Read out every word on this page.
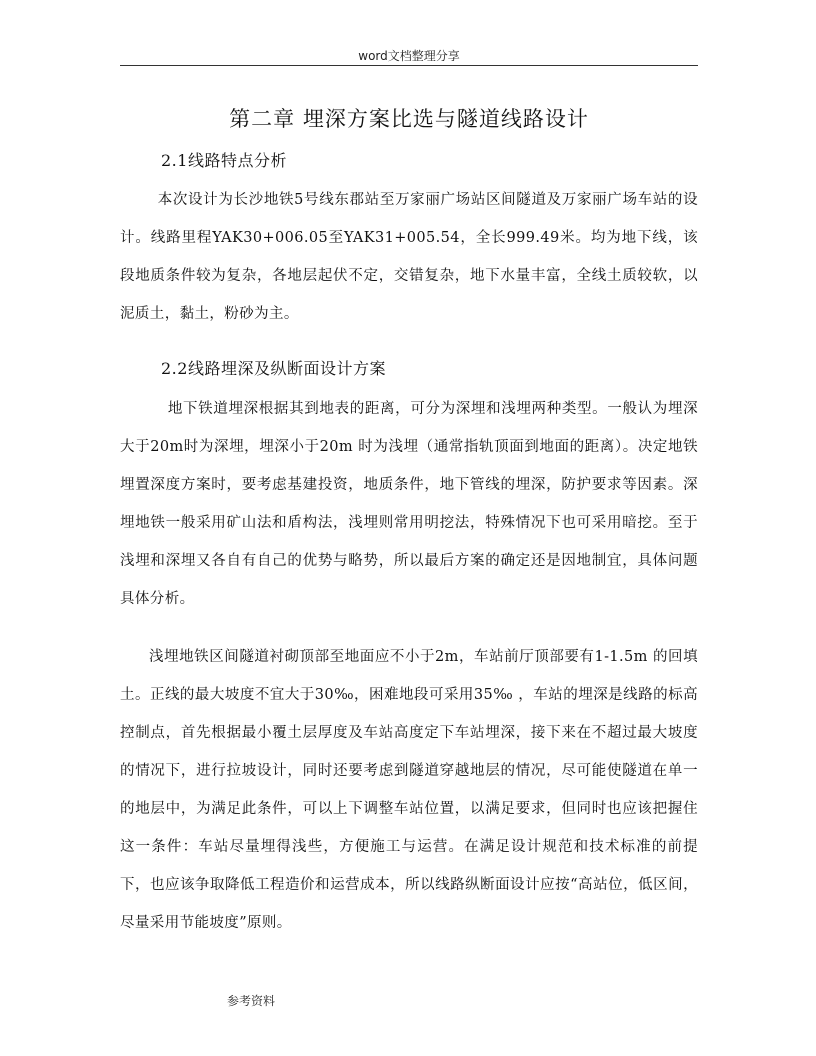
word文档整理分享
第二章 埋深方案比选与隧道线路设计
2.1线路特点分析

本次设计为长沙地铁5号线东郡站至万家丽广场站区间隧道及万家丽广场车站的设计。线路里程YAK30+006.05至YAK31+005.54，全长999.49米。均为地下线，该段地质条件较为复杂，各地层起伏不定，交错复杂，地下水量丰富，全线土质较软，以泥质土，黏土，粉砂为主。

2.2线路埋深及纵断面设计方案

地下铁道埋深根据其到地表的距离，可分为深埋和浅埋两种类型。一般认为埋深大于20m时为深埋，埋深小于20m 时为浅埋（通常指轨顶面到地面的距离）。决定地铁埋置深度方案时，要考虑基建投资，地质条件，地下管线的埋深，防护要求等因素。深埋地铁一般采用矿山法和盾构法，浅埋则常用明挖法，特殊情况下也可采用暗挖。至于浅埋和深埋又各自有自己的优势与略势，所以最后方案的确定还是因地制宜，具体问题具体分析。

浅埋地铁区间隧道衬砌顶部至地面应不小于2m，车站前厅顶部要有1-1.5m 的回填土。正线的最大坡度不宜大于30‰，困难地段可采用35‰ ，车站的埋深是线路的标高控制点，首先根据最小覆土层厚度及车站高度定下车站埋深，接下来在不超过最大坡度的情况下，进行拉坡设计，同时还要考虑到隧道穿越地层的情况，尽可能使隧道在单一的地层中，为满足此条件，可以上下调整车站位置，以满足要求，但同时也应该把握住这一条件：车站尽量埋得浅些，方便施工与运营。在满足设计规范和技术标准的前提下，也应该争取降低工程造价和运营成本，所以线路纵断面设计应按“高站位，低区间，尽量采用节能坡度”原则。

参考资料
